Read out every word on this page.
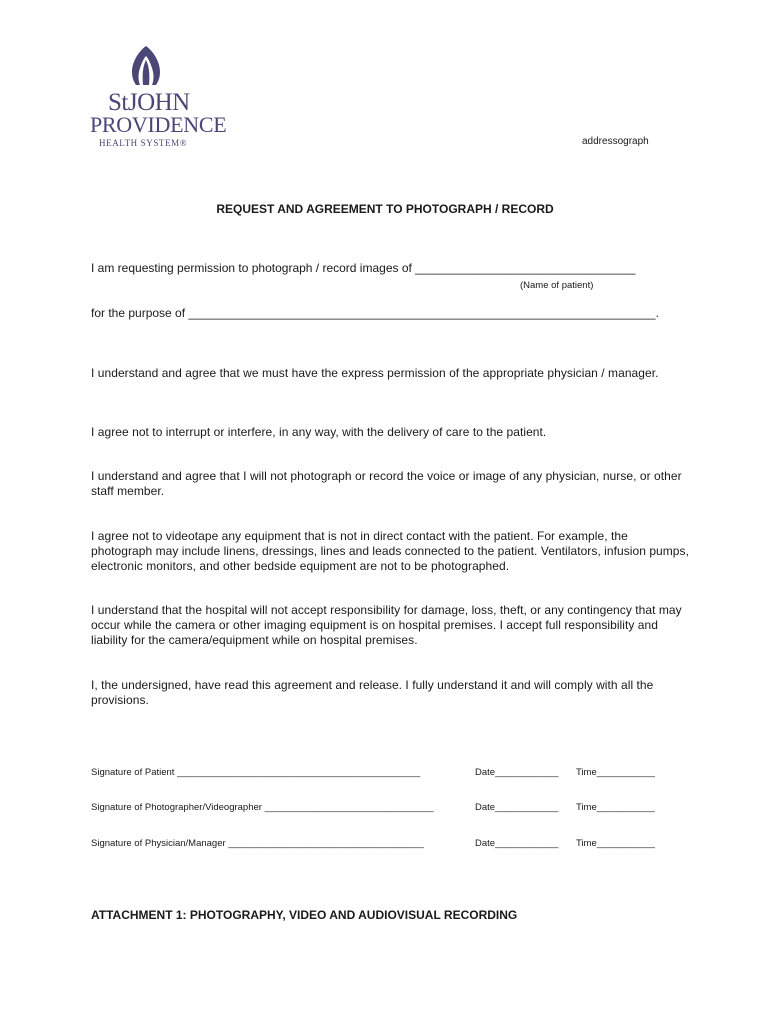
StJOHN
PROVIDENCE
HEALTH SYSTEM®	addressograph
REQUEST AND AGREEMENT TO PHOTOGRAPH / RECORD
I am requesting permission to photograph / record images of _________________________________
(Name of patient)
for the purpose of ______________________________________________________________________.
I understand and agree that we must have the express permission of the appropriate physician / manager.
I agree not to interrupt or interfere, in any way, with the delivery of care to the patient.
I understand and agree that I will not photograph or record the voice or image of any physician, nurse, or other staff member.
I agree not to videotape any equipment that is not in direct contact with the patient. For example, the photograph may include linens, dressings, lines and leads connected to the patient. Ventilators, infusion pumps, electronic monitors, and other bedside equipment are not to be photographed.
I understand that the hospital will not accept responsibility for damage, loss, theft, or any contingency that may occur while the camera or other imaging equipment is on hospital premises. I accept full responsibility and liability for the camera/equipment while on hospital premises.
I, the undersigned, have read this agreement and release. I fully understand it and will comply with all the provisions.
Signature of Patient ______________________________________________	Date____________ Time___________
Signature of Photographer/Videographer ________________________________	Date____________ Time___________
Signature of Physician/Manager _____________________________________	Date____________ Time___________
ATTACHMENT 1: PHOTOGRAPHY, VIDEO AND AUDIOVISUAL RECORDING
